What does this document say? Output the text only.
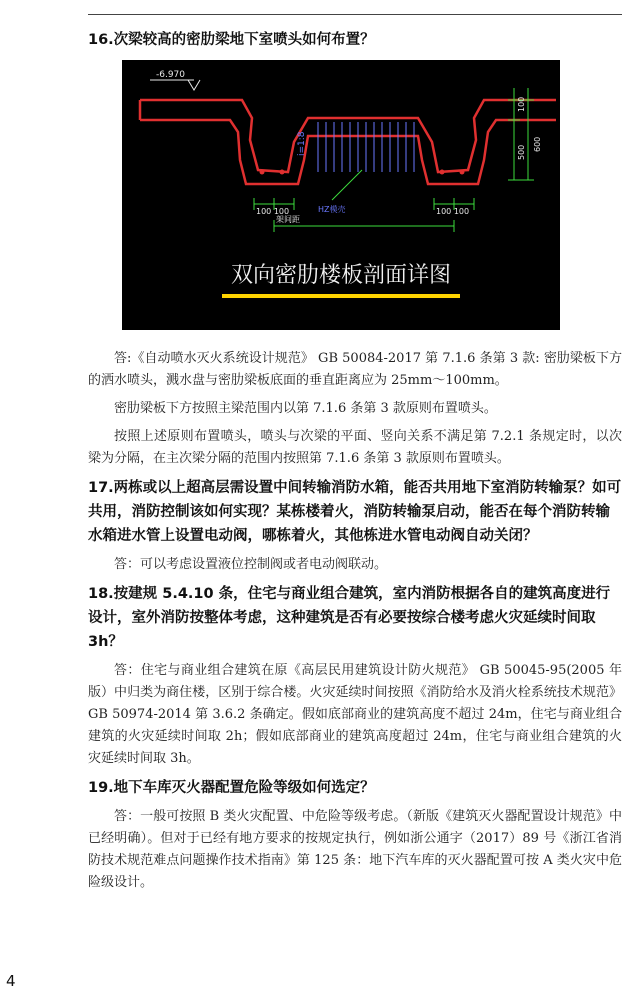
16.次梁较高的密肋梁地下室喷头如何布置？

-6.970
i=1:8
100
500
600
100 100	100 100
HZ模壳
架间距
双向密肋楼板剖面详图

答:《自动喷水灭火系统设计规范》 GB 50084-2017 第 7.1.6 条第 3 款: 密肋梁板下方的洒水喷头，溅水盘与密肋梁板底面的垂直距离应为 25mm～100mm。

密肋梁板下方按照主梁范围内以第 7.1.6 条第 3 款原则布置喷头。

按照上述原则布置喷头，喷头与次梁的平面、竖向关系不满足第 7.2.1 条规定时，以次梁为分隔，在主次梁分隔的范围内按照第 7.1.6 条第 3 款原则布置喷头。

17.两栋或以上超高层需设置中间转输消防水箱，能否共用地下室消防转输泵？如可共用，消防控制该如何实现？某栋楼着火，消防转输泵启动，能否在每个消防转输水箱进水管上设置电动阀，哪栋着火，其他栋进水管电动阀自动关闭？

答：可以考虑设置液位控制阀或者电动阀联动。

18.按建规 5.4.10 条，住宅与商业组合建筑，室内消防根据各自的建筑高度进行设计，室外消防按整体考虑，这种建筑是否有必要按综合楼考虑火灾延续时间取 3h？

答：住宅与商业组合建筑在原《高层民用建筑设计防火规范》 GB 50045-95(2005 年版）中归类为商住楼，区别于综合楼。火灾延续时间按照《消防给水及消火栓系统技术规范》GB 50974-2014 第 3.6.2 条确定。假如底部商业的建筑高度不超过 24m，住宅与商业组合建筑的火灾延续时间取 2h；假如底部商业的建筑高度超过 24m，住宅与商业组合建筑的火灾延续时间取 3h。

19.地下车库灭火器配置危险等级如何选定？

答：一般可按照 B 类火灾配置、中危险等级考虑。（新版《建筑灭火器配置设计规范》中已经明确）。但对于已经有地方要求的按规定执行，例如浙公通字（2017）89 号《浙江省消防技术规范难点问题操作技术指南》第 125 条：地下汽车库的灭火器配置可按 A 类火灾中危险级设计。

4
